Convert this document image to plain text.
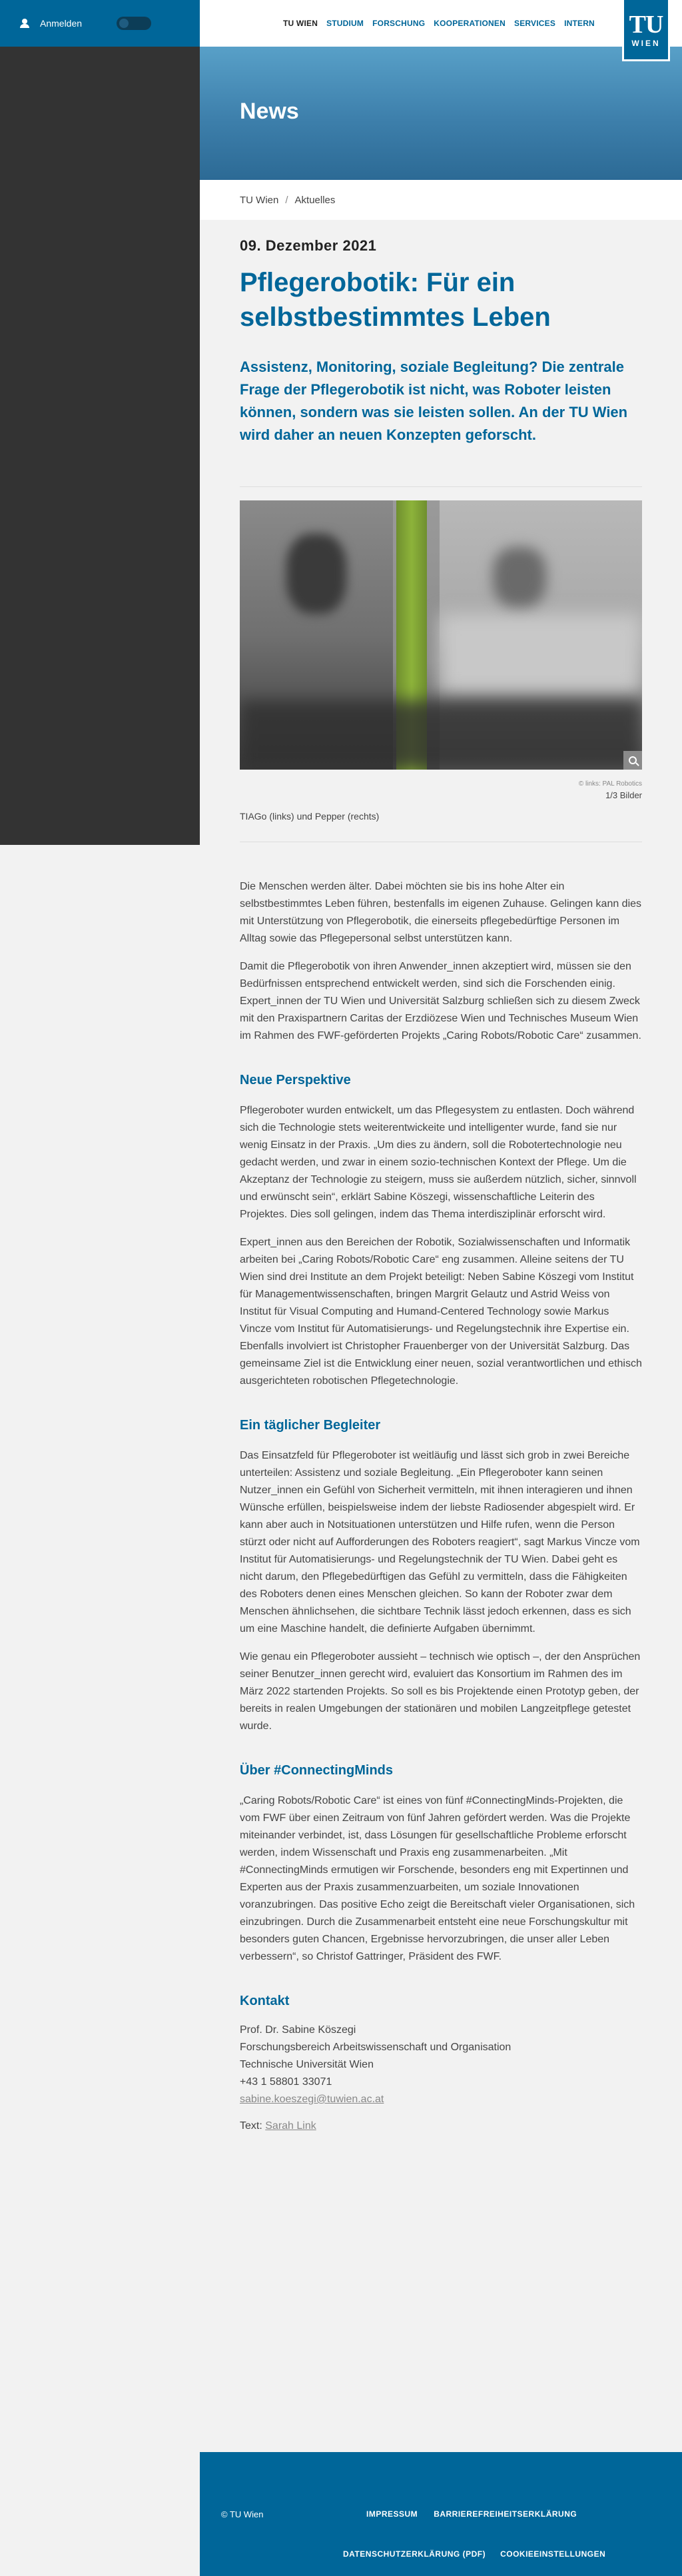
Anmelden	TU WIEN STUDIUM FORSCHUNG KOOPERATIONEN SERVICES INTERN
News
TU
WIEN
TU Wien / Aktuelles
09. Dezember 2021
Pflegerobotik: Für ein selbstbestimmtes Leben
Assistenz, Monitoring, soziale Begleitung? Die zentrale Frage der Pflegerobotik ist nicht, was Roboter leisten können, sondern was sie leisten sollen. An der TU Wien wird daher an neuen Konzepten geforscht.
© links: PAL Robotics
1/3 Bilder
TIAGo (links) und Pepper (rechts)

Die Menschen werden älter. Dabei möchten sie bis ins hohe Alter ein selbstbestimmtes Leben führen, bestenfalls im eigenen Zuhause. Gelingen kann dies mit Unterstützung von Pflegerobotik, die einerseits pflegebedürftige Personen im Alltag sowie das Pflegepersonal selbst unterstützen kann.

Damit die Pflegerobotik von ihren Anwender_innen akzeptiert wird, müssen sie den Bedürfnissen entsprechend entwickelt werden, sind sich die Forschenden einig. Expert_innen der TU Wien und Universität Salzburg schließen sich zu diesem Zweck mit den Praxispartnern Caritas der Erzdiözese Wien und Technisches Museum Wien im Rahmen des FWF-geförderten Projekts „Caring Robots/Robotic Care“ zusammen.

Neue Perspektive

Pflegeroboter wurden entwickelt, um das Pflegesystem zu entlasten. Doch während sich die Technologie stets weiterentwickeite und intelligenter wurde, fand sie nur wenig Einsatz in der Praxis. „Um dies zu ändern, soll die Robotertechnologie neu gedacht werden, und zwar in einem sozio-technischen Kontext der Pflege. Um die Akzeptanz der Technologie zu steigern, muss sie außerdem nützlich, sicher, sinnvoll und erwünscht sein“, erklärt Sabine Köszegi, wissenschaftliche Leiterin des Projektes. Dies soll gelingen, indem das Thema interdisziplinär erforscht wird.

Expert_innen aus den Bereichen der Robotik, Sozialwissenschaften und Informatik arbeiten bei „Caring Robots/Robotic Care“ eng zusammen. Alleine seitens der TU Wien sind drei Institute an dem Projekt beteiligt: Neben Sabine Köszegi vom Institut für Managementwissenschaften, bringen Margrit Gelautz und Astrid Weiss von Institut für Visual Computing and Humand-Centered Technology sowie Markus Vincze vom Institut für Automatisierungs- und Regelungstechnik ihre Expertise ein. Ebenfalls involviert ist Christopher Frauenberger von der Universität Salzburg. Das gemeinsame Ziel ist die Entwicklung einer neuen, sozial verantwortlichen und ethisch ausgerichteten robotischen Pflegetechnologie.

Ein täglicher Begleiter

Das Einsatzfeld für Pflegeroboter ist weitläufig und lässt sich grob in zwei Bereiche unterteilen: Assistenz und soziale Begleitung. „Ein Pflegeroboter kann seinen Nutzer_innen ein Gefühl von Sicherheit vermitteln, mit ihnen interagieren und ihnen Wünsche erfüllen, beispielsweise indem der liebste Radiosender abgespielt wird. Er kann aber auch in Notsituationen unterstützen und Hilfe rufen, wenn die Person stürzt oder nicht auf Aufforderungen des Roboters reagiert“, sagt Markus Vincze vom Institut für Automatisierungs- und Regelungstechnik der TU Wien. Dabei geht es nicht darum, den Pflegebedürftigen das Gefühl zu vermitteln, dass die Fähigkeiten des Roboters denen eines Menschen gleichen. So kann der Roboter zwar dem Menschen ähnlichsehen, die sichtbare Technik lässt jedoch erkennen, dass es sich um eine Maschine handelt, die definierte Aufgaben übernimmt.

Wie genau ein Pflegeroboter aussieht – technisch wie optisch –, der den Ansprüchen seiner Benutzer_innen gerecht wird, evaluiert das Konsortium im Rahmen des im März 2022 startenden Projekts. So soll es bis Projektende einen Prototyp geben, der bereits in realen Umgebungen der stationären und mobilen Langzeitpflege getestet wurde.

Über #ConnectingMinds

„Caring Robots/Robotic Care“ ist eines von fünf #ConnectingMinds-Projekten, die vom FWF über einen Zeitraum von fünf Jahren gefördert werden. Was die Projekte miteinander verbindet, ist, dass Lösungen für gesellschaftliche Probleme erforscht werden, indem Wissenschaft und Praxis eng zusammenarbeiten. „Mit #ConnectingMinds ermutigen wir Forschende, besonders eng mit Expertinnen und Experten aus der Praxis zusammenzuarbeiten, um soziale Innovationen voranzubringen. Das positive Echo zeigt die Bereitschaft vieler Organisationen, sich einzubringen. Durch die Zusammenarbeit entsteht eine neue Forschungskultur mit besonders guten Chancen, Ergebnisse hervorzubringen, die unser aller Leben verbessern“, so Christof Gattringer, Präsident des FWF.

Kontakt
Prof. Dr. Sabine Köszegi
Forschungsbereich Arbeitswissenschaft und Organisation
Technische Universität Wien
+43 1 58801 33071
sabine.koeszegi@tuwien.ac.at
Text: Sarah Link
© TU Wien	IMPRESSUM BARRIEREFREIHEITSERKLÄRUNG
DATENSCHUTZERKLÄRUNG (PDF) COOKIEEINSTELLUNGEN
